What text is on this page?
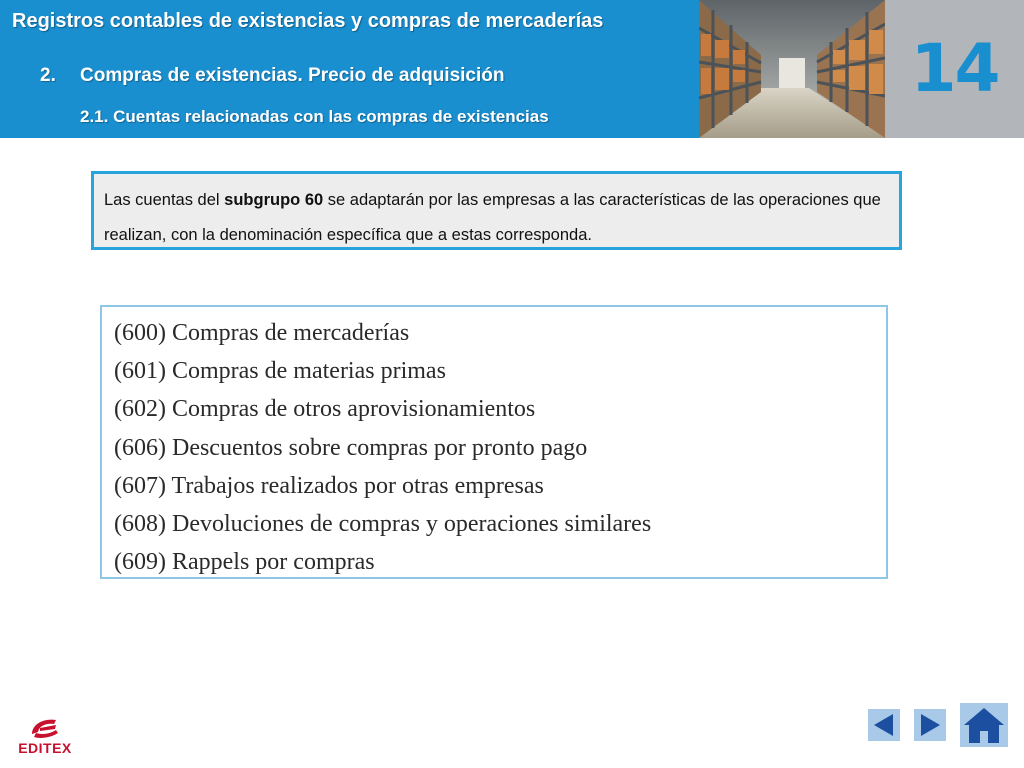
Registros contables de existencias y compras de mercaderías
2. Compras de existencias. Precio de adquisición
2.1. Cuentas relacionadas con las compras de existencias
14

Las cuentas del subgrupo 60 se adaptarán por las empresas a las características de las operaciones que realizan, con la denominación específica que a estas corresponda.

(600) Compras de mercaderías
(601) Compras de materias primas
(602) Compras de otros aprovisionamientos
(606) Descuentos sobre compras por pronto pago
(607) Trabajos realizados por otras empresas
(608) Devoluciones de compras y operaciones similares
(609) Rappels por compras
EDITEX
